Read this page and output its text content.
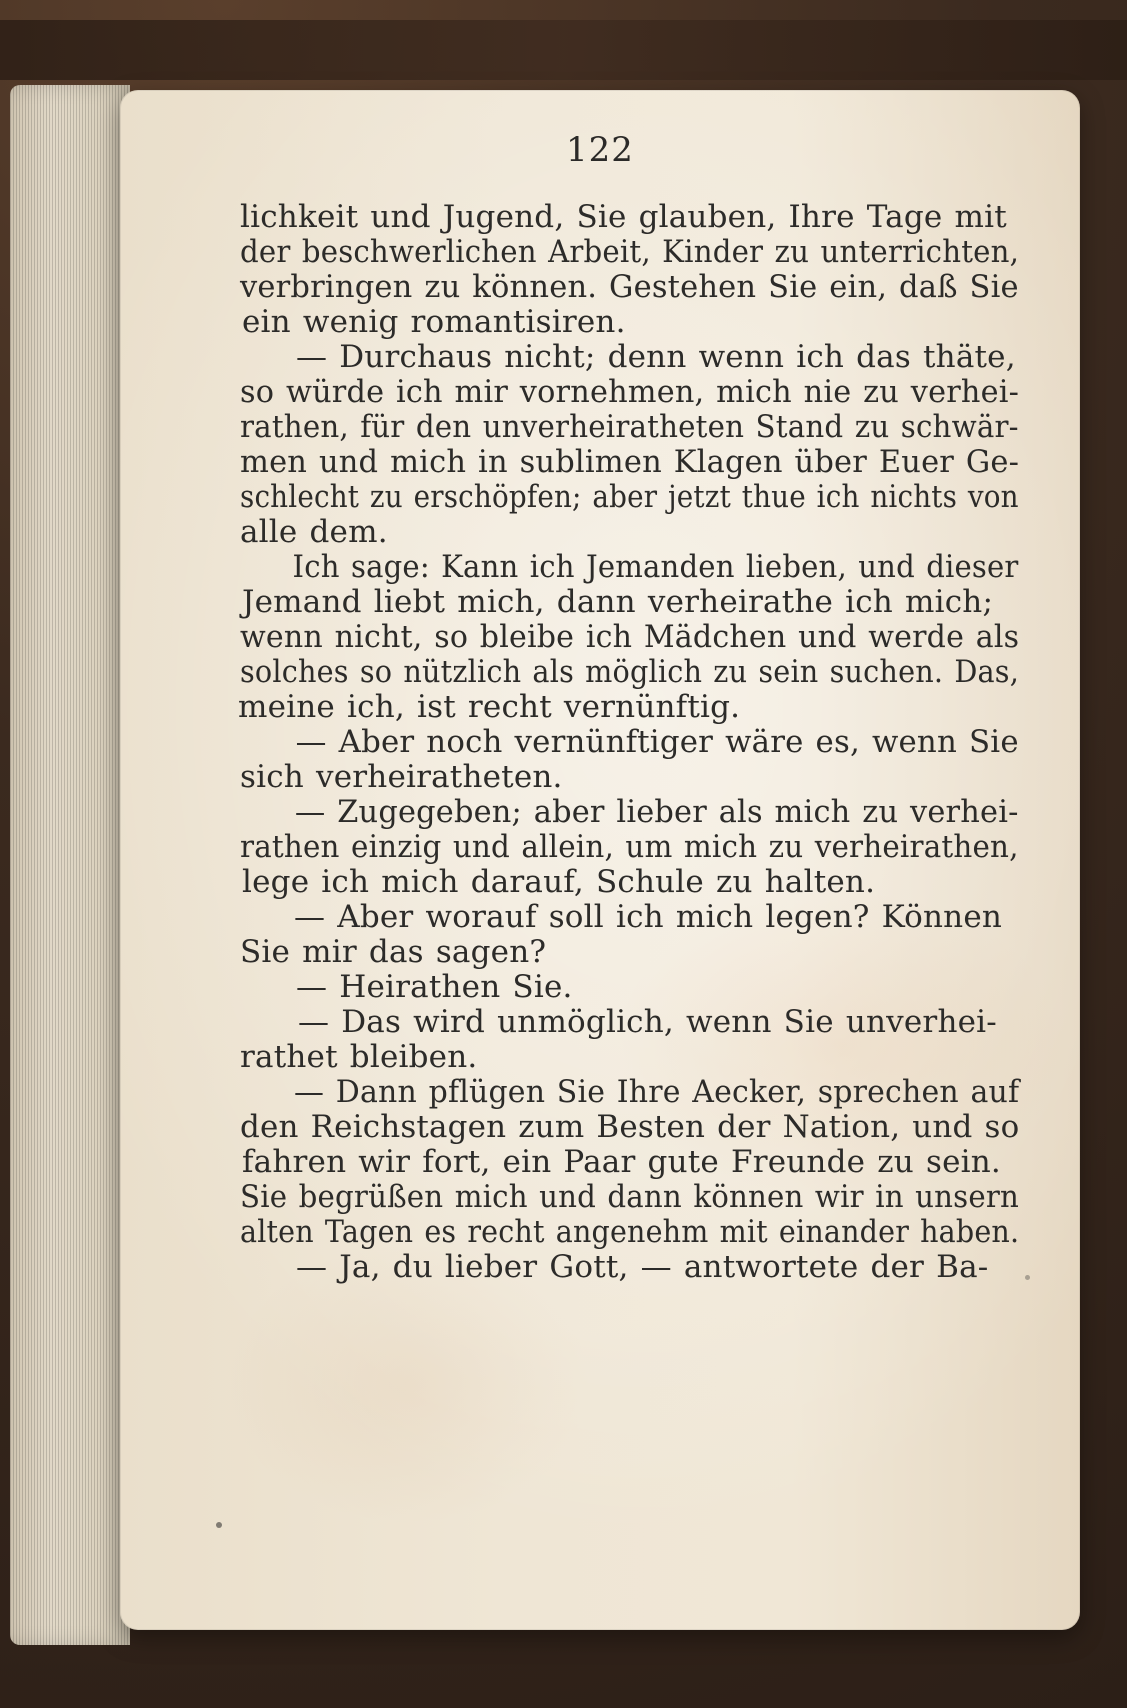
122
lichkeit und Jugend, Sie glauben, Ihre Tage mit
der beschwerlichen Arbeit, Kinder zu unterrichten,
verbringen zu können. Gestehen Sie ein, daß Sie
ein wenig romantisiren.
— Durchaus nicht; denn wenn ich das thäte,
so würde ich mir vornehmen, mich nie zu verhei-
rathen, für den unverheiratheten Stand zu schwär-
men und mich in sublimen Klagen über Euer Ge-
schlecht zu erschöpfen; aber jetzt thue ich nichts von
alle dem.
Ich sage: Kann ich Jemanden lieben, und dieser
Jemand liebt mich, dann verheirathe ich mich;
wenn nicht, so bleibe ich Mädchen und werde als
solches so nützlich als möglich zu sein suchen. Das,
meine ich, ist recht vernünftig.
— Aber noch vernünftiger wäre es, wenn Sie
sich verheiratheten.
— Zugegeben; aber lieber als mich zu verhei-
rathen einzig und allein, um mich zu verheirathen,
lege ich mich darauf, Schule zu halten.
— Aber worauf soll ich mich legen? Können
Sie mir das sagen?
— Heirathen Sie.
— Das wird unmöglich, wenn Sie unverhei-
rathet bleiben.
— Dann pflügen Sie Ihre Aecker, sprechen auf
den Reichstagen zum Besten der Nation, und so
fahren wir fort, ein Paar gute Freunde zu sein.
Sie begrüßen mich und dann können wir in unsern
alten Tagen es recht angenehm mit einander haben.
— Ja, du lieber Gott, — antwortete der Ba-
